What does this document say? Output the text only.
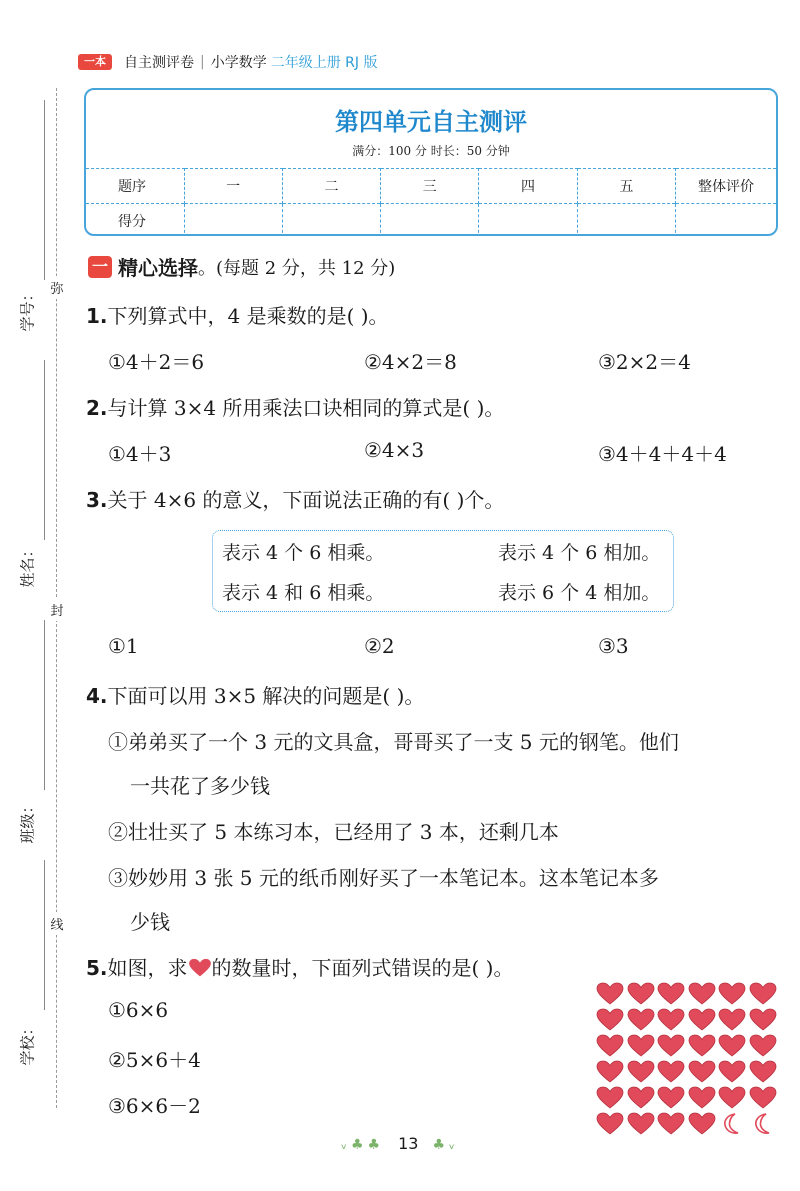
一本	自主测评卷 | 小学数学 二年级上册 RJ 版
弥
封
线
学号：
姓名：
班级：
学校：
第四单元自主测评
满分：100 分 时长：50 分钟
题序	一	二	三	四	五	整体评价
得分						
一 精心选择 。(每题 2 分，共 12 分)
1.下列算式中，4 是乘数的是( )。
①4＋2＝6	②4×2＝8	③2×2＝4
2.与计算 3×4 所用乘法口诀相同的算式是( )。
①4＋3	②4×3	③4＋4＋4＋4
3.关于 4×6 的意义，下面说法正确的有( )个。
表示 4 个 6 相乘。	表示 4 个 6 相加。
表示 4 和 6 相乘。	表示 6 个 4 相加。
①1	②2	③3
4.下面可以用 3×5 解决的问题是( )。
①弟弟买了一个 3 元的文具盒，哥哥买了一支 5 元的钢笔。他们
一共花了多少钱
②壮壮买了 5 本练习本，已经用了 3 本，还剩几本
③妙妙用 3 张 5 元的纸币刚好买了一本笔记本。这本笔记本多
少钱
5.如图，求 的数量时，下面列式错误的是( )。
①6×6
②5×6＋4
③6×6－2
ᵥ♣♣ 13 ♣ᵥ
